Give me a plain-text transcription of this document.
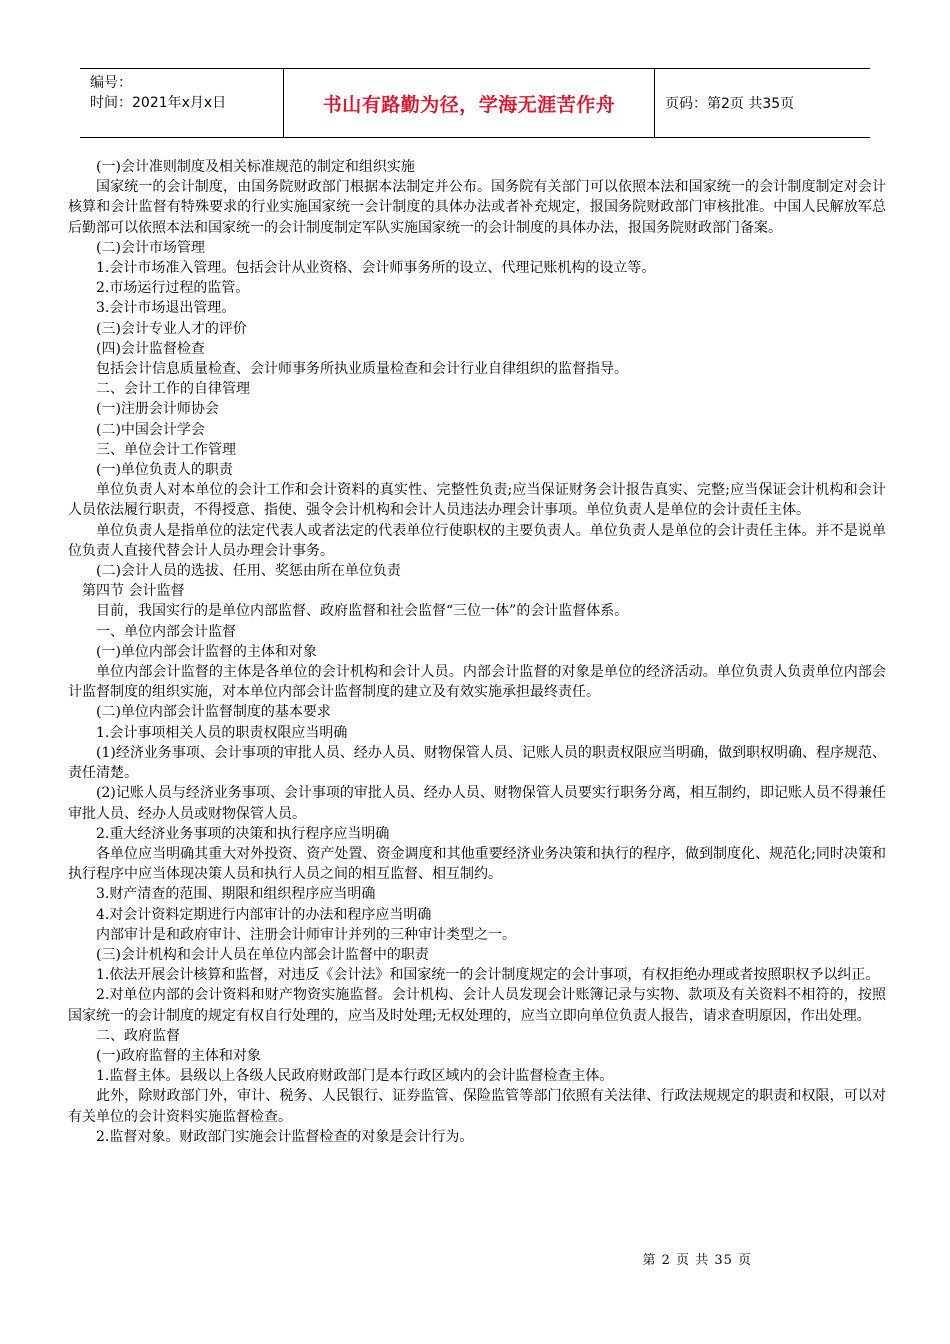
编号：
时间：2021年x月x日	书山有路勤为径，学海无涯苦作舟	页码：第2页 共35页

(一)会计准则制度及相关标准规范的制定和组织实施

国家统一的会计制度，由国务院财政部门根据本法制定并公布。国务院有关部门可以依照本法和国家统一的会计制度制定对会计核算和会计监督有特殊要求的行业实施国家统一会计制度的具体办法或者补充规定，报国务院财政部门审核批准。中国人民解放军总后勤部可以依照本法和国家统一的会计制度制定军队实施国家统一的会计制度的具体办法，报国务院财政部门备案。

(二)会计市场管理

1.会计市场准入管理。包括会计从业资格、会计师事务所的设立、代理记账机构的设立等。

2.市场运行过程的监管。

3.会计市场退出管理。

(三)会计专业人才的评价

(四)会计监督检查

包括会计信息质量检查、会计师事务所执业质量检查和会计行业自律组织的监督指导。

二、会计工作的自律管理

(一)注册会计师协会

(二)中国会计学会

三、单位会计工作管理

(一)单位负责人的职责

单位负责人对本单位的会计工作和会计资料的真实性、完整性负责;应当保证财务会计报告真实、完整;应当保证会计机构和会计人员依法履行职责，不得授意、指使、强令会计机构和会计人员违法办理会计事项。单位负责人是单位的会计责任主体。

单位负责人是指单位的法定代表人或者法定的代表单位行使职权的主要负责人。单位负责人是单位的会计责任主体。并不是说单位负责人直接代替会计人员办理会计事务。

(二)会计人员的选拔、任用、奖惩由所在单位负责

第四节 会计监督

目前，我国实行的是单位内部监督、政府监督和社会监督“三位一体”的会计监督体系。

一、单位内部会计监督

(一)单位内部会计监督的主体和对象

单位内部会计监督的主体是各单位的会计机构和会计人员。内部会计监督的对象是单位的经济活动。单位负责人负责单位内部会计监督制度的组织实施，对本单位内部会计监督制度的建立及有效实施承担最终责任。

(二)单位内部会计监督制度的基本要求

1.会计事项相关人员的职责权限应当明确

(1)经济业务事项、会计事项的审批人员、经办人员、财物保管人员、记账人员的职责权限应当明确，做到职权明确、程序规范、责任清楚。

(2)记账人员与经济业务事项、会计事项的审批人员、经办人员、财物保管人员要实行职务分离，相互制约，即记账人员不得兼任审批人员、经办人员或财物保管人员。

2.重大经济业务事项的决策和执行程序应当明确

各单位应当明确其重大对外投资、资产处置、资金调度和其他重要经济业务决策和执行的程序，做到制度化、规范化;同时决策和执行程序中应当体现决策人员和执行人员之间的相互监督、相互制约。

3.财产清查的范围、期限和组织程序应当明确

4.对会计资料定期进行内部审计的办法和程序应当明确

内部审计是和政府审计、注册会计师审计并列的三种审计类型之一。

(三)会计机构和会计人员在单位内部会计监督中的职责

1.依法开展会计核算和监督，对违反《会计法》和国家统一的会计制度规定的会计事项，有权拒绝办理或者按照职权予以纠正。

2.对单位内部的会计资料和财产物资实施监督。会计机构、会计人员发现会计账簿记录与实物、款项及有关资料不相符的，按照国家统一的会计制度的规定有权自行处理的，应当及时处理;无权处理的，应当立即向单位负责人报告，请求查明原因，作出处理。

二、政府监督

(一)政府监督的主体和对象

1.监督主体。县级以上各级人民政府财政部门是本行政区域内的会计监督检查主体。

此外，除财政部门外，审计、税务、人民银行、证券监管、保险监管等部门依照有关法律、行政法规规定的职责和权限，可以对有关单位的会计资料实施监督检查。

2.监督对象。财政部门实施会计监督检查的对象是会计行为。

第 2 页 共 35 页
